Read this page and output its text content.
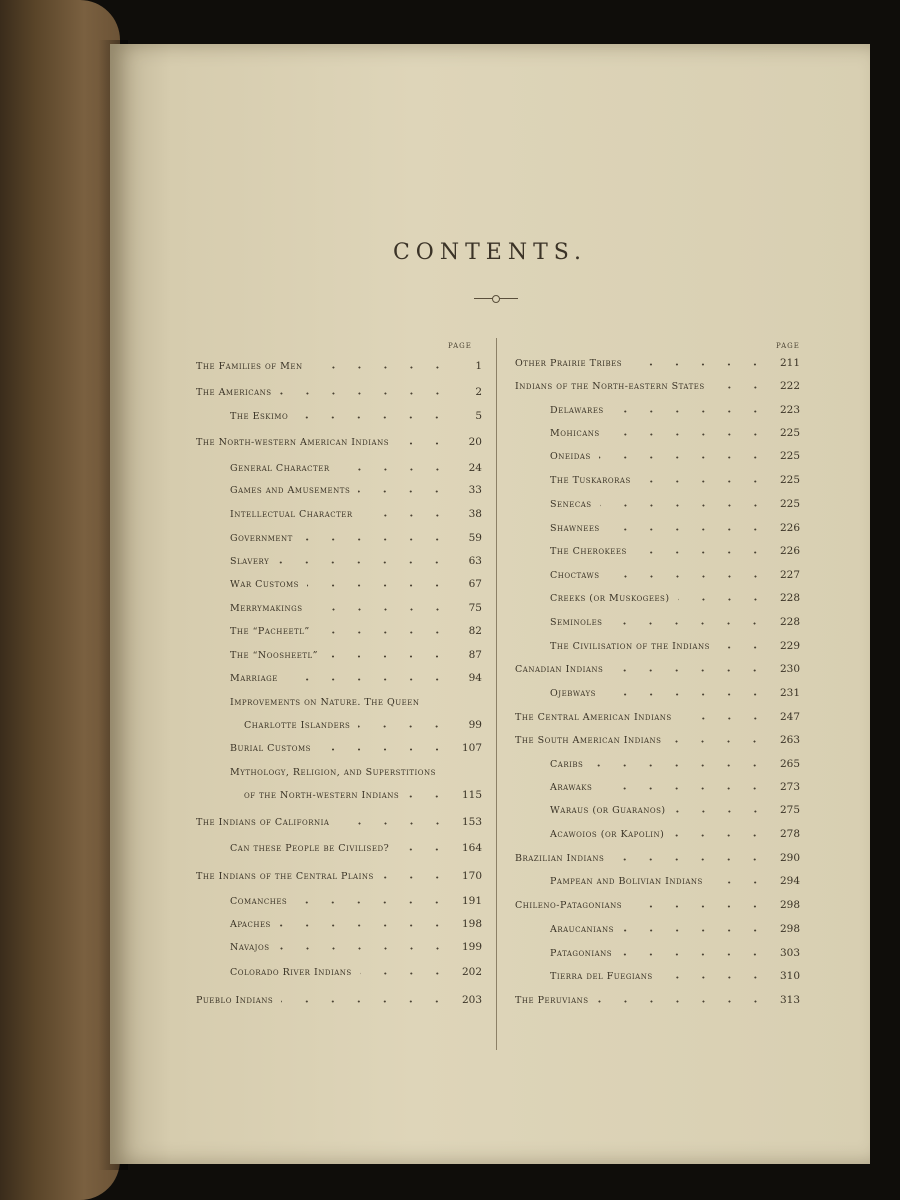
CONTENTS.
PAGE	PAGE
The Families of Men	1
The Americans	2
The Eskimo	5
The North-western American Indians	20
General Character	24
Games and Amusements	33
Intellectual Character	38
Government	59
Slavery	63
War Customs	67
Merrymakings	75
The “Pacheetl”	82
The “Noosheetl”	87
Marriage	94
Improvements on Nature. The Queen
Charlotte Islanders	99
Burial Customs	107
Mythology, Religion, and Superstitions
of the North-western Indians	115
The Indians of California	153
Can these People be Civilised?	164
The Indians of the Central Plains	170
Comanches	191
Apaches	198
Navajos	199
Colorado River Indians	202
Pueblo Indians	203
Other Prairie Tribes	211
Indians of the North-eastern States	222
Delawares	223
Mohicans	225
Oneidas	225
The Tuskaroras	225
Senecas	225
Shawnees	226
The Cherokees	226
Choctaws	227
Creeks (or Muskogees)	228
Seminoles	228
The Civilisation of the Indians	229
Canadian Indians	230
Ojebways	231
The Central American Indians	247
The South American Indians	263
Caribs	265
Arawaks	273
Waraus (or Guaranos)	275
Acawoios (or Kapolin)	278
Brazilian Indians	290
Pampean and Bolivian Indians	294
Chileno-Patagonians	298
Araucanians	298
Patagonians	303
Tierra del Fuegians	310
The Peruvians	313
